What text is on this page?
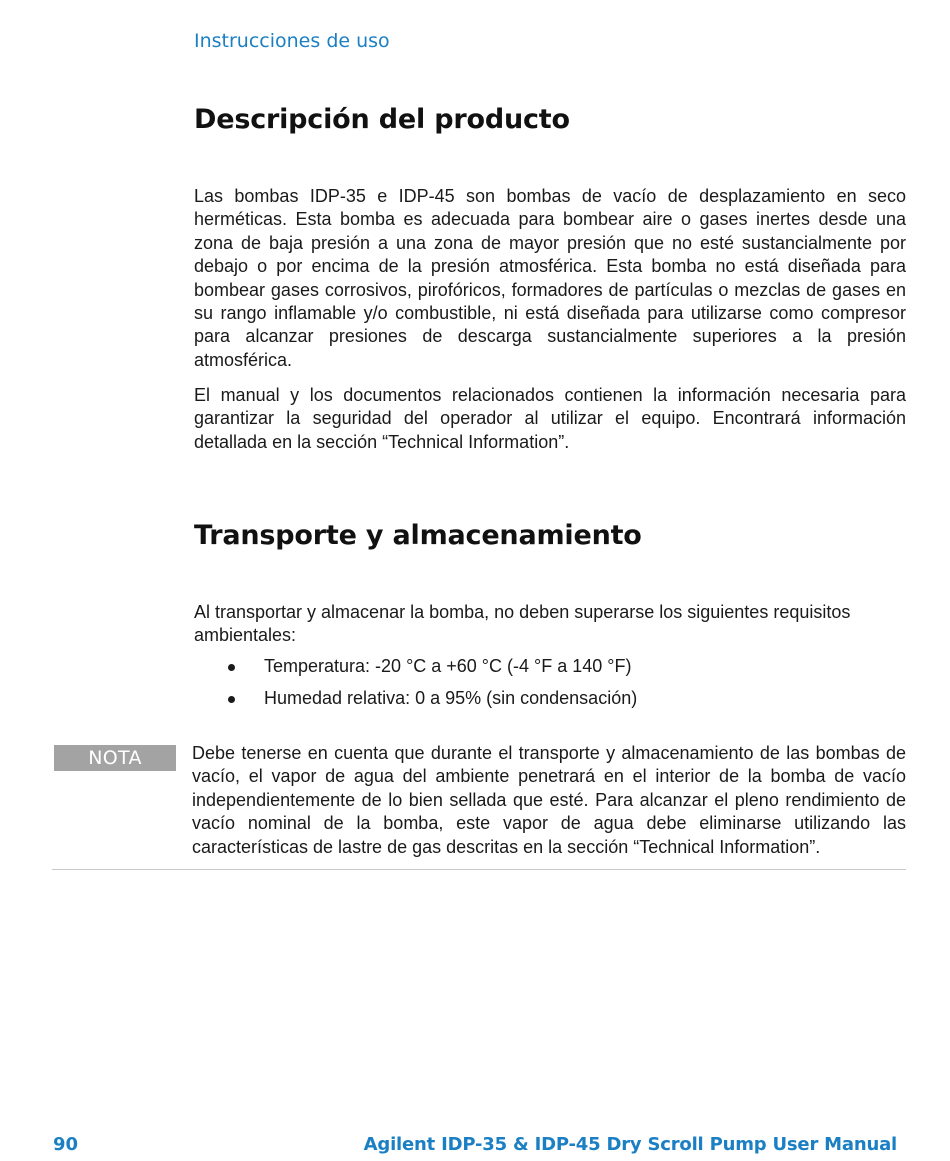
Instrucciones de uso
Descripción del producto

Las bombas IDP-35 e IDP-45 son bombas de vacío de desplazamiento en seco herméticas. Esta bomba es adecuada para bombear aire o gases inertes desde una zona de baja presión a una zona de mayor presión que no esté sustancialmente por debajo o por encima de la presión atmosférica. Esta bomba no está diseñada para bombear gases corrosivos, pirofóricos, formadores de partículas o mezclas de gases en su rango inflamable y/o combustible, ni está diseñada para utilizarse como compresor para alcanzar presiones de descarga sustancialmente superiores a la presión atmosférica.

El manual y los documentos relacionados contienen la información necesaria para garantizar la seguridad del operador al utilizar el equipo. Encontrará información detallada en la sección “Technical Information”.

Transporte y almacenamiento

Al transportar y almacenar la bomba, no deben superarse los siguientes requisitos ambientales:

Temperatura: -20 °C a +60 °C (-4 °F a 140 °F)
Humedad relativa: 0 a 95% (sin condensación)
NOTA	Debe tenerse en cuenta que durante el transporte y almacenamiento de las bombas de vacío, el vapor de agua del ambiente penetrará en el interior de la bomba de vacío independientemente de lo bien sellada que esté. Para alcanzar el pleno rendimiento de vacío nominal de la bomba, este vapor de agua debe eliminarse utilizando las características de lastre de gas descritas en la sección “Technical Information”.

90	Agilent IDP-35 & IDP-45 Dry Scroll Pump User Manual
